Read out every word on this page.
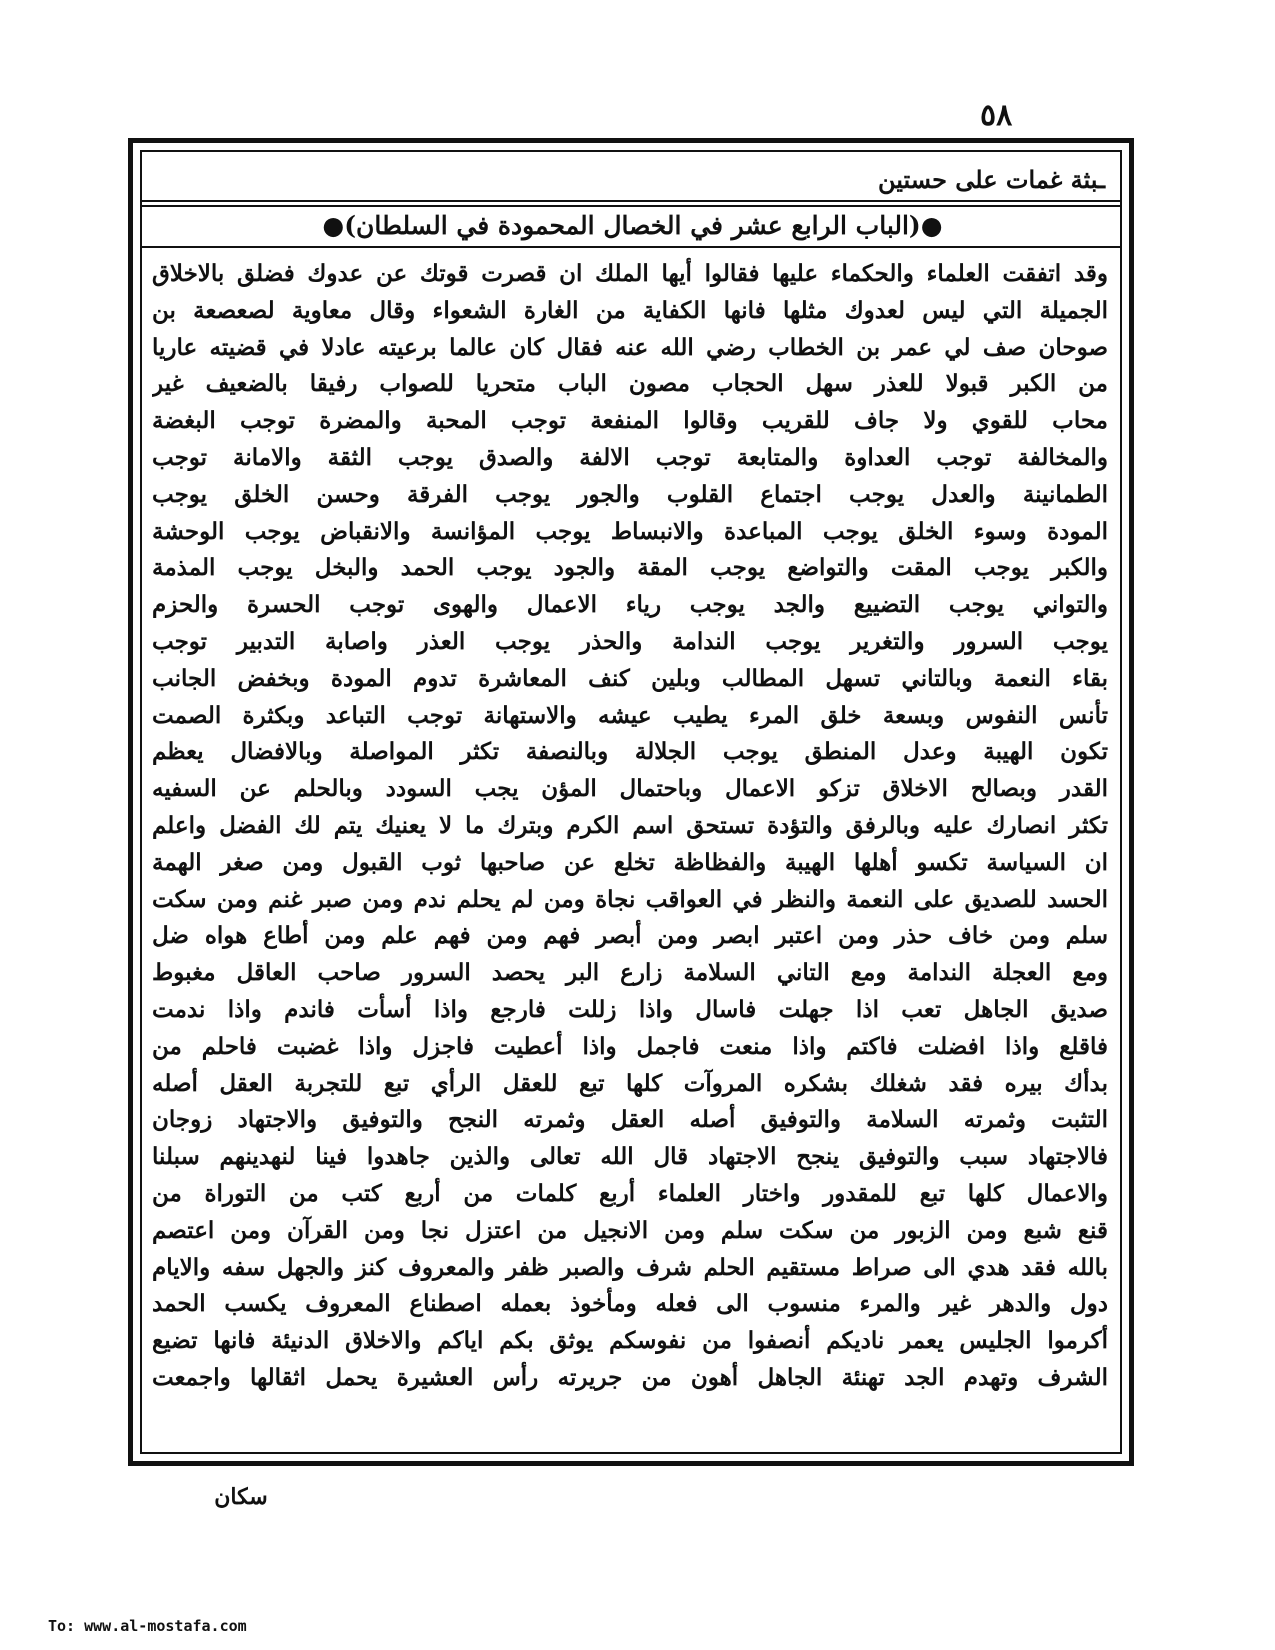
٥٨
ـبثة غمات على حستين
●(الباب الرابع عشر في الخصال المحمودة في السلطان)●
وقد اتفقت العلماء والحكماء عليها فقالوا أيها الملك ان قصرت قوتك عن عدوك فضلق بالاخلاق
الجميلة التي ليس لعدوك مثلها فانها الكفاية من الغارة الشعواء وقال معاوية لصعصعة بن
صوحان صف لي عمر بن الخطاب رضي الله عنه فقال كان عالما برعيته عادلا في قضيته عاريا
من الكبر قبولا للعذر سهل الحجاب مصون الباب متحريا للصواب رفيقا بالضعيف غير
محاب للقوي ولا جاف للقريب وقالوا المنفعة توجب المحبة والمضرة توجب البغضة
والمخالفة توجب العداوة والمتابعة توجب الالفة والصدق يوجب الثقة والامانة توجب
الطمانينة والعدل يوجب اجتماع القلوب والجور يوجب الفرقة وحسن الخلق يوجب
المودة وسوء الخلق يوجب المباعدة والانبساط يوجب المؤانسة والانقباض يوجب الوحشة
والكبر يوجب المقت والتواضع يوجب المقة والجود يوجب الحمد والبخل يوجب المذمة
والتواني يوجب التضييع والجد يوجب رياء الاعمال والهوى توجب الحسرة والحزم
يوجب السرور والتغرير يوجب الندامة والحذر يوجب العذر واصابة التدبير توجب
بقاء النعمة وبالتاني تسهل المطالب وبلين كنف المعاشرة تدوم المودة وبخفض الجانب
تأنس النفوس وبسعة خلق المرء يطيب عيشه والاستهانة توجب التباعد وبكثرة الصمت
تكون الهيبة وعدل المنطق يوجب الجلالة وبالنصفة تكثر المواصلة وبالافضال يعظم
القدر وبصالح الاخلاق تزكو الاعمال وباحتمال المؤن يجب السودد وبالحلم عن السفيه
تكثر انصارك عليه وبالرفق والتؤدة تستحق اسم الكرم وبترك ما لا يعنيك يتم لك الفضل واعلم
ان السياسة تكسو أهلها الهيبة والفظاظة تخلع عن صاحبها ثوب القبول ومن صغر الهمة
الحسد للصديق على النعمة والنظر في العواقب نجاة ومن لم يحلم ندم ومن صبر غنم ومن سكت
سلم ومن خاف حذر ومن اعتبر ابصر ومن أبصر فهم ومن فهم علم ومن أطاع هواه ضل
ومع العجلة الندامة ومع التاني السلامة زارع البر يحصد السرور صاحب العاقل مغبوط
صديق الجاهل تعب اذا جهلت فاسال واذا زللت فارجع واذا أسأت فاندم واذا ندمت
فاقلع واذا افضلت فاكتم واذا منعت فاجمل واذا أعطيت فاجزل واذا غضبت فاحلم من
بدأك بيره فقد شغلك بشكره المروآت كلها تبع للعقل الرأي تبع للتجربة العقل أصله
التثبت وثمرته السلامة والتوفيق أصله العقل وثمرته النجح والتوفيق والاجتهاد زوجان
فالاجتهاد سبب والتوفيق ينجح الاجتهاد قال الله تعالى والذين جاهدوا فينا لنهدينهم سبلنا
والاعمال كلها تبع للمقدور واختار العلماء أربع كلمات من أربع كتب من التوراة من
قنع شبع ومن الزبور من سكت سلم ومن الانجيل من اعتزل نجا ومن القرآن ومن اعتصم
بالله فقد هدي الى صراط مستقيم الحلم شرف والصبر ظفر والمعروف كنز والجهل سفه والايام
دول والدهر غير والمرء منسوب الى فعله ومأخوذ بعمله اصطناع المعروف يكسب الحمد
أكرموا الجليس يعمر ناديكم أنصفوا من نفوسكم يوثق بكم اياكم والاخلاق الدنيئة فانها تضيع
الشرف وتهدم الجد تهنئة الجاهل أهون من جريرته رأس العشيرة يحمل اثقالها واجمعت
سكان
To: www.al-mostafa.com
